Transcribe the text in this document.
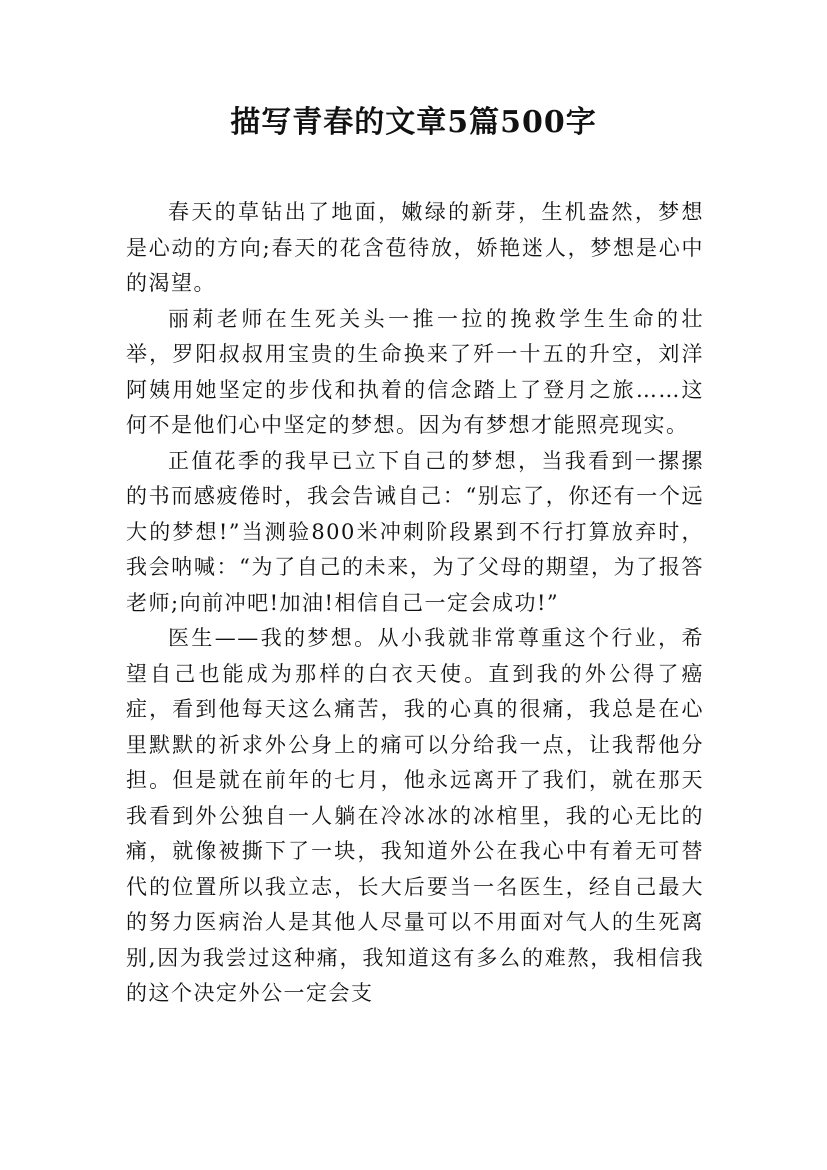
描写青春的文章5篇500字

春天的草钻出了地面，嫩绿的新芽，生机盎然，梦想是心动的方向;春天的花含苞待放，娇艳迷人，梦想是心中的渴望。

丽莉老师在生死关头一推一拉的挽救学生生命的壮举，罗阳叔叔用宝贵的生命换来了歼一十五的升空，刘洋阿姨用她坚定的步伐和执着的信念踏上了登月之旅……这何不是他们心中坚定的梦想。因为有梦想才能照亮现实。

正值花季的我早已立下自己的梦想，当我看到一摞摞的书而感疲倦时，我会告诫自己：“别忘了，你还有一个远大的梦想!”当测验800米冲刺阶段累到不行打算放弃时，我会呐喊：“为了自己的未来，为了父母的期望，为了报答老师;向前冲吧!加油!相信自己一定会成功!”

医生——我的梦想。从小我就非常尊重这个行业，希望自己也能成为那样的白衣天使。直到我的外公得了癌症，看到他每天这么痛苦，我的心真的很痛，我总是在心里默默的祈求外公身上的痛可以分给我一点，让我帮他分担。但是就在前年的七月，他永远离开了我们，就在那天我看到外公独自一人躺在冷冰冰的冰棺里，我的心无比的痛，就像被撕下了一块，我知道外公在我心中有着无可替代的位置所以我立志，长大后要当一名医生，经自己最大的努力医病治人是其他人尽量可以不用面对气人的生死离别,因为我尝过这种痛，我知道这有多么的难熬，我相信我的这个决定外公一定会支
